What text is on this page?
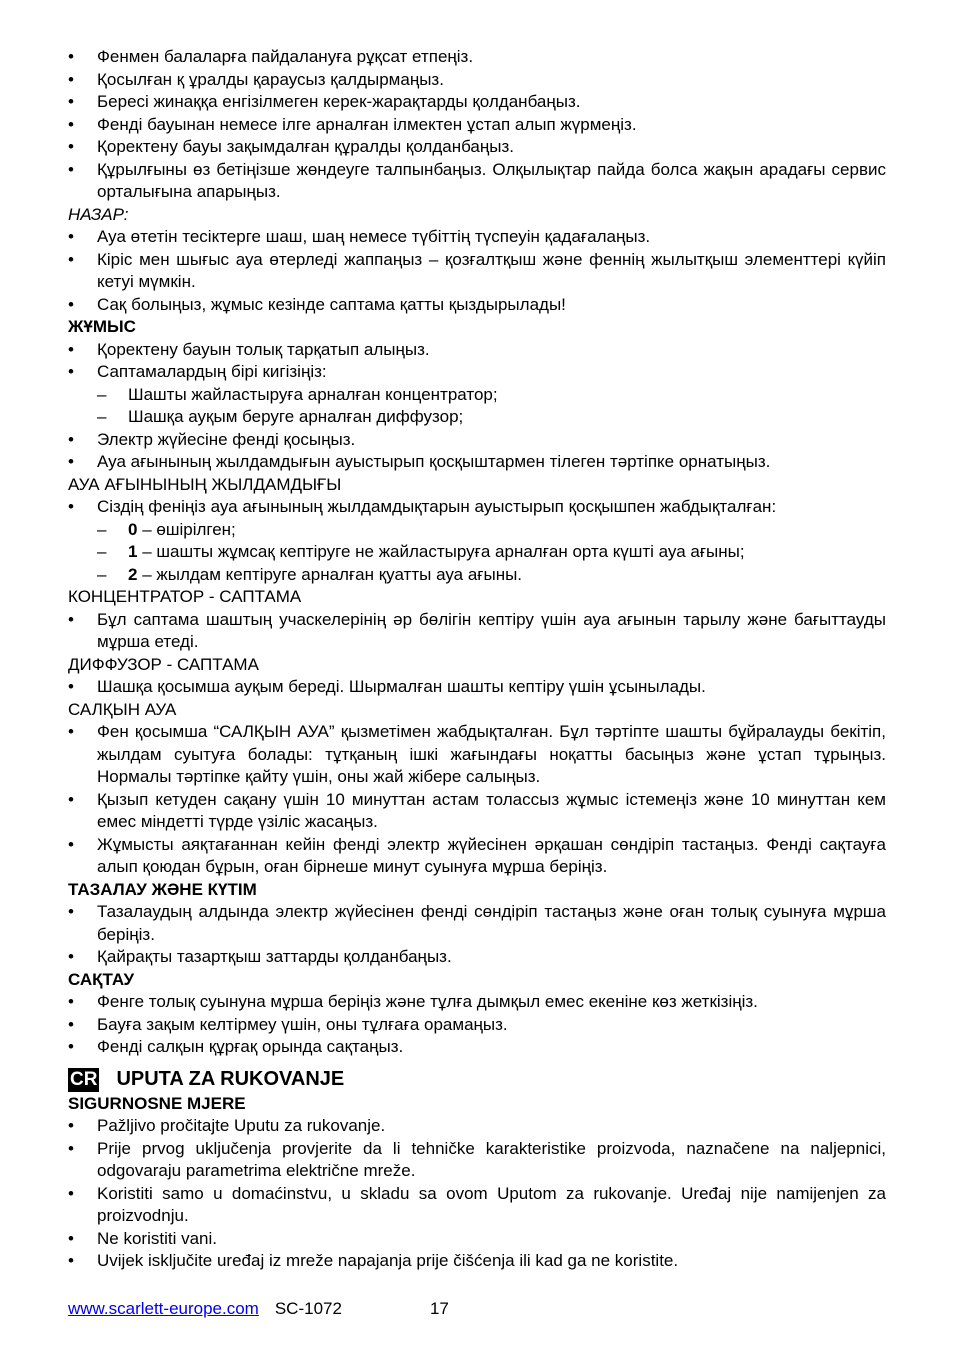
• Фенмен балаларға пайдалануға рұқсат етпеңіз.
• Қосылған қ ұралды қараусыз қалдырмаңыз.
• Бересі жинаққа енгізілмеген керек-жарақтарды қолданбаңыз.
• Фенді бауынан немесе ілге арналған ілмектен ұстап алып жүрмеңіз.
• Қоректену бауы зақымдалған құралды қолданбаңыз.
• Құрылғыны өз бетіңізше жөндеуге талпынбаңыз. Олқылықтар пайда болса жақын арадағы сервис орталығына апарыңыз.
НАЗАР:
• Ауа өтетін тесіктерге шаш, шаң немесе түбіттің түспеуін қадағалаңыз.
• Кіріс мен шығыс ауа өтерледі жаппаңыз – қозғалтқыш және феннің жылытқыш элементтері күйіп кетуі мүмкін.
• Сақ болыңыз, жұмыс кезінде саптама қатты қыздырылады!
ЖҰМЫС
• Қоректену бауын толық тарқатып алыңыз.
• Саптамалардың бірі кигізіңіз:
– Шашты жайластыруға арналған концентратор;
– Шашқа ауқым беруге арналған диффузор;
• Электр жүйесіне фенді қосыңыз.
• Ауа ағынының жылдамдығын ауыстырып қосқыштармен тілеген тәртіпке орнатыңыз.
АУА АҒЫНЫНЫҢ ЖЫЛДАМДЫҒЫ
• Сіздің феніңіз ауа ағынының жылдамдықтарын ауыстырып қосқышпен жабдықталған:
– 0 – өшірілген;
– 1 – шашты жұмсақ кептіруге не жайластыруға арналған орта күшті ауа ағыны;
– 2 – жылдам кептіруге арналған қуатты ауа ағыны.
КОНЦЕНТРАТОР - САПТАМА
• Бұл саптама шаштың учаскелерінің әр бөлігін кептіру үшін ауа ағынын тарылу және бағыттауды мұрша етеді.
ДИФФУЗОР - САПТАМА
• Шашқа қосымша ауқым береді. Шырмалған шашты кептіру үшін ұсынылады.
САЛҚЫН АУА
• Фен қосымша “САЛҚЫН АУА” қызметімен жабдықталған. Бұл тәртіпте шашты бұйралауды бекітіп, жылдам суытуға болады: тұтқаның ішкі жағындағы ноқатты басыңыз және ұстап тұрыңыз. Нормалы тәртіпке қайту үшін, оны жай жібере салыңыз.
• Қызып кетуден сақану үшін 10 минуттан астам толассыз жұмыс істемеңіз және 10 минуттан кем емес міндетті түрде үзіліс жасаңыз.
• Жұмысты аяқтағаннан кейін фенді электр жүйесінен әрқашан сөндіріп тастаңыз. Фенді сақтауға алып қоюдан бұрын, оған бірнеше минут суынуға мұрша беріңіз.
ТАЗАЛАУ ЖӘНЕ КҮТІМ
• Тазалаудың алдында электр жүйесінен фенді сөндіріп тастаңыз және оған толық суынуға мұрша беріңіз.
• Қайрақты тазартқыш заттарды қолданбаңыз.
САҚТАУ
• Фенге толық суынуна мұрша беріңіз және тұлға дымқыл емес екеніне көз жеткізіңіз.
• Бауға зақым келтірмеу үшін, оны тұлғаға орамаңыз.
• Фенді салқын құрғақ орында сақтаңыз.
CR UPUTA ZA RUKOVANJE
SIGURNOSNE MJERE
• Pažljivo pročitajte Uputu za rukovanje.
• Prije prvog uključenja provjerite da li tehničke karakteristike proizvoda, naznačene na naljepnici, odgovaraju parametrima električne mreže.
• Koristiti samo u domaćinstvu, u skladu sa ovom Uputom za rukovanje. Uređaj nije namijenjen za proizvodnju.
• Ne koristiti vani.
• Uvijek isključite uređaj iz mreže napajanja prije čišćenja ili kad ga ne koristite.
www.scarlett-europe.com SC-1072	17
